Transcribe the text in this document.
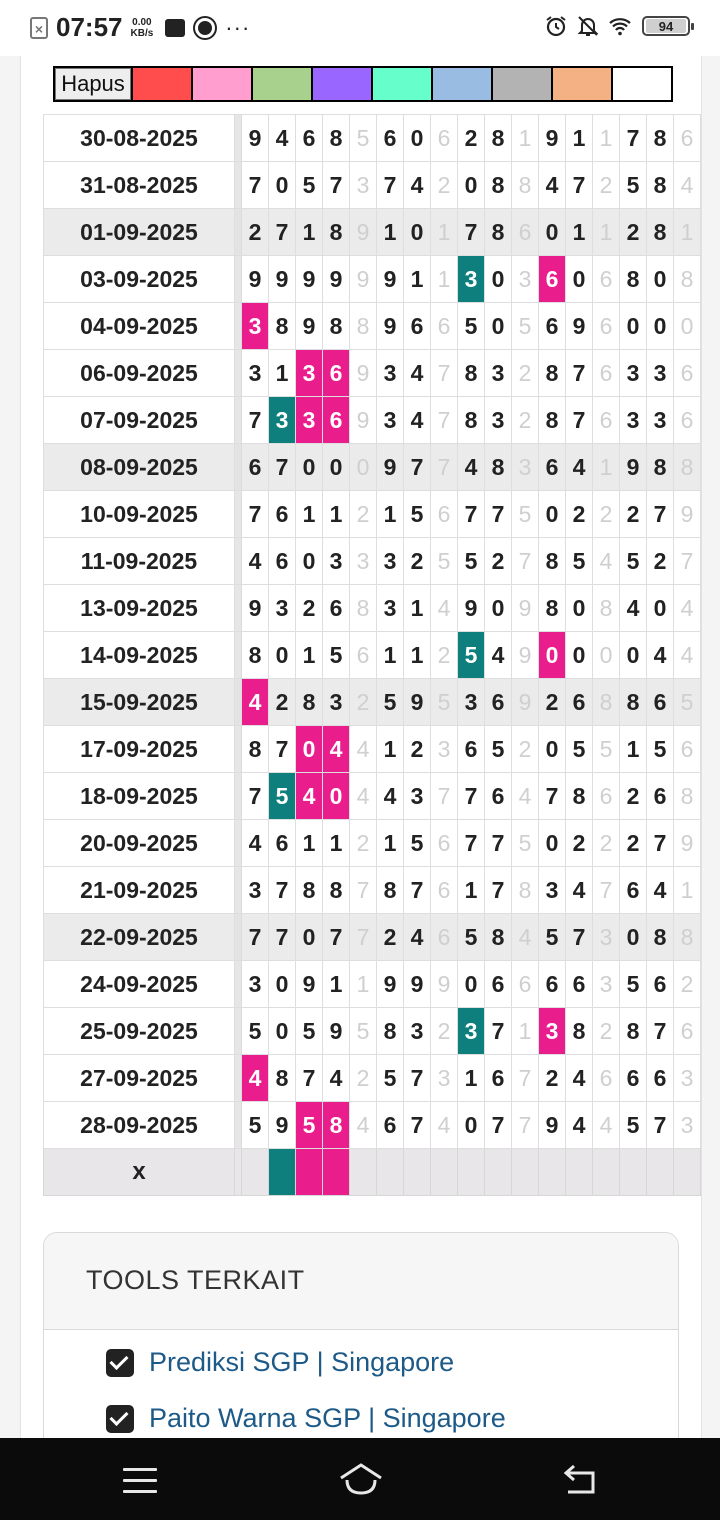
× 07:57 0.00
KB/s	···	94
Hapus
30-08-2025		9	4	6	8	5	6	0	6	2	8	1	9	1	1	7	8	6
31-08-2025		7	0	5	7	3	7	4	2	0	8	8	4	7	2	5	8	4
01-09-2025		2	7	1	8	9	1	0	1	7	8	6	0	1	1	2	8	1
03-09-2025		9	9	9	9	9	9	1	1	3	0	3	6	0	6	8	0	8
04-09-2025		3	8	9	8	8	9	6	6	5	0	5	6	9	6	0	0	0
06-09-2025		3	1	3	6	9	3	4	7	8	3	2	8	7	6	3	3	6
07-09-2025		7	3	3	6	9	3	4	7	8	3	2	8	7	6	3	3	6
08-09-2025		6	7	0	0	0	9	7	7	4	8	3	6	4	1	9	8	8
10-09-2025		7	6	1	1	2	1	5	6	7	7	5	0	2	2	2	7	9
11-09-2025		4	6	0	3	3	3	2	5	5	2	7	8	5	4	5	2	7
13-09-2025		9	3	2	6	8	3	1	4	9	0	9	8	0	8	4	0	4
14-09-2025		8	0	1	5	6	1	1	2	5	4	9	0	0	0	0	4	4
15-09-2025		4	2	8	3	2	5	9	5	3	6	9	2	6	8	8	6	5
17-09-2025		8	7	0	4	4	1	2	3	6	5	2	0	5	5	1	5	6
18-09-2025		7	5	4	0	4	4	3	7	7	6	4	7	8	6	2	6	8
20-09-2025		4	6	1	1	2	1	5	6	7	7	5	0	2	2	2	7	9
21-09-2025		3	7	8	8	7	8	7	6	1	7	8	3	4	7	6	4	1
22-09-2025		7	7	0	7	7	2	4	6	5	8	4	5	7	3	0	8	8
24-09-2025		3	0	9	1	1	9	9	9	0	6	6	6	6	3	5	6	2
25-09-2025		5	0	5	9	5	8	3	2	3	7	1	3	8	2	8	7	6
27-09-2025		4	8	7	4	2	5	7	3	1	6	7	2	4	6	6	6	3
28-09-2025		5	9	5	8	4	6	7	4	0	7	7	9	4	4	5	7	3
x																		
TOOLS TERKAIT
Prediksi SGP | Singapore
Paito Warna SGP | Singapore
